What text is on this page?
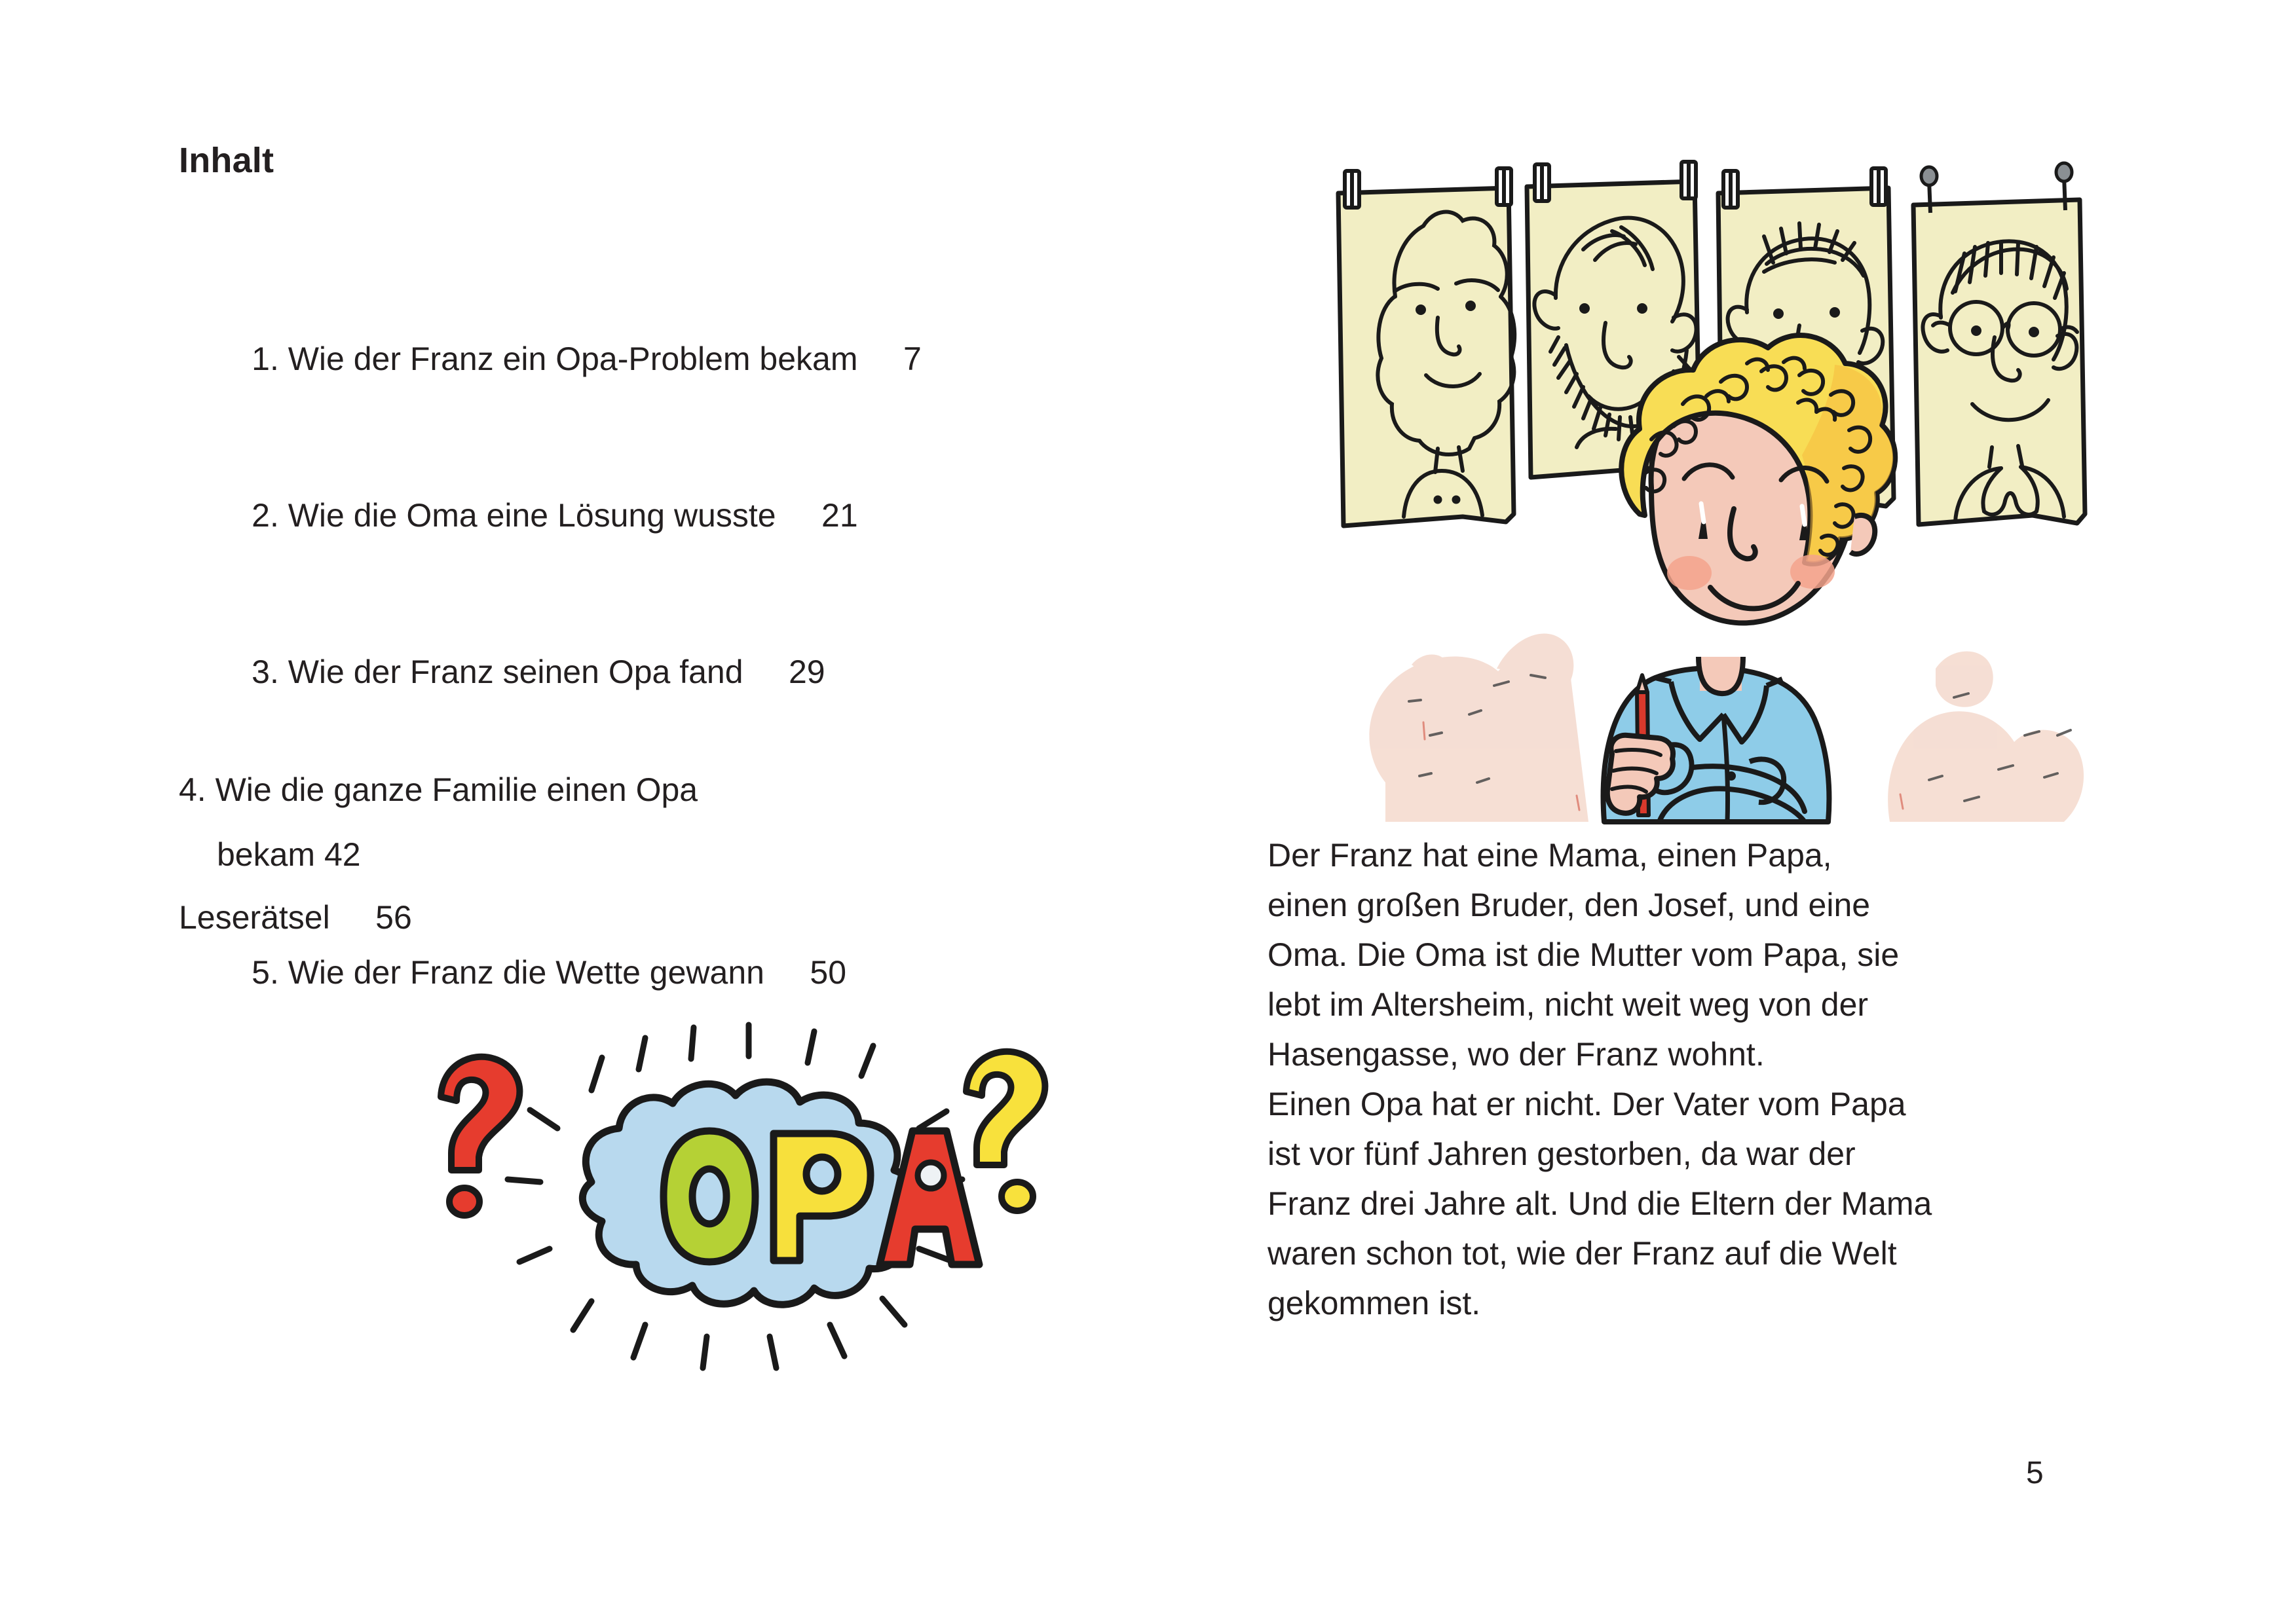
Inhalt

1. Wie der Franz ein Opa-Problem bekam 7

2. Wie die Oma eine Lösung wusste 21

3. Wie der Franz seinen Opa fand 29

4. Wie die ganze Familie einen Opa
bekam 42

5. Wie der Franz die Wette gewann 50

Leserätsel 56

Der Franz hat eine Mama, einen Papa,

einen großen Bruder, den Josef, und eine

Oma. Die Oma ist die Mutter vom Papa, sie

lebt im Altersheim, nicht weit weg von der

Hasengasse, wo der Franz wohnt.

Einen Opa hat er nicht. Der Vater vom Papa

ist vor fünf Jahren gestorben, da war der

Franz drei Jahre alt. Und die Eltern der Mama

waren schon tot, wie der Franz auf die Welt

gekommen ist.

5
